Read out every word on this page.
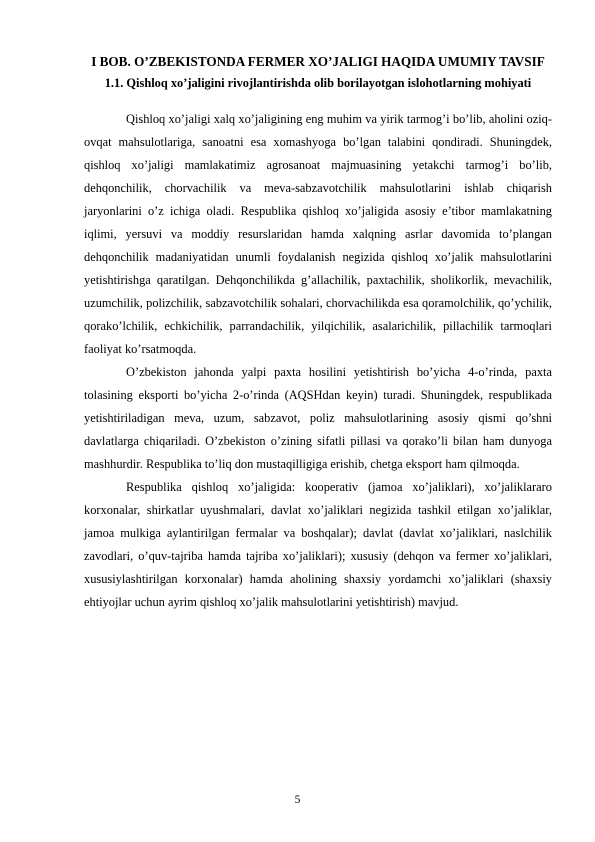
I BOB. O’ZBEKISTONDA FERMER XO’JALIGI HAQIDA UMUMIY TAVSIF
1.1. Qishloq xo’jaligini rivojlantirishda olib borilayotgan islohotlarning mohiyati

Qishloq xo’jaligi xalq xo’jaligining eng muhim va yirik tarmog’i bo’lib, aholini oziq-ovqat mahsulotlariga, sanoatni esa xomashyoga bo’lgan talabini qondiradi. Shuningdek, qishloq xo’jaligi mamlakatimiz agrosanoat majmuasining yetakchi tarmog’i bo’lib, dehqonchilik, chorvachilik va meva-sabzavotchilik mahsulotlarini ishlab chiqarish jaryonlarini o’z ichiga oladi. Respublika qishloq xo’jaligida asosiy e’tibor mamlakatning iqlimi, yersuvi va moddiy resurslaridan hamda xalqning asrlar davomida to’plangan dehqonchilik madaniyatidan unumli foydalanish negizida qishloq xo’jalik mahsulotlarini yetishtirishga qaratilgan. Dehqonchilikda g’allachilik, paxtachilik, sholikorlik, mevachilik, uzumchilik, polizchilik, sabzavotchilik sohalari, chorvachilikda esa qoramolchilik, qo’ychilik, qorako’lchilik, echkichilik, parrandachilik, yilqichilik, asalarichilik, pillachilik tarmoqlari faoliyat ko’rsatmoqda.

O’zbekiston jahonda yalpi paxta hosilini yetishtirish bo’yicha 4-o’rinda, paxta tolasining eksporti bo’yicha 2-o’rinda (AQSHdan keyin) turadi. Shuningdek, respublikada yetishtiriladigan meva, uzum, sabzavot, poliz mahsulotlarining asosiy qismi qo’shni davlatlarga chiqariladi. O’zbekiston o’zining sifatli pillasi va qorako’li bilan ham dunyoga mashhurdir. Respublika to’liq don mustaqilligiga erishib, chetga eksport ham qilmoqda.

Respublika qishloq xo’jaligida: kooperativ (jamoa xo’jaliklari), xo’jaliklararo korxonalar, shirkatlar uyushmalari, davlat xo’jaliklari negizida tashkil etilgan xo’jaliklar, jamoa mulkiga aylantirilgan fermalar va boshqalar); davlat (davlat xo’jaliklari, naslchilik zavodlari, o’quv-tajriba hamda tajriba xo’jaliklari); xususiy (dehqon va fermer xo’jaliklari, xususiylashtirilgan korxonalar) hamda aholining shaxsiy yordamchi xo’jaliklari (shaxsiy ehtiyojlar uchun ayrim qishloq xo’jalik mahsulotlarini yetishtirish) mavjud.

5
